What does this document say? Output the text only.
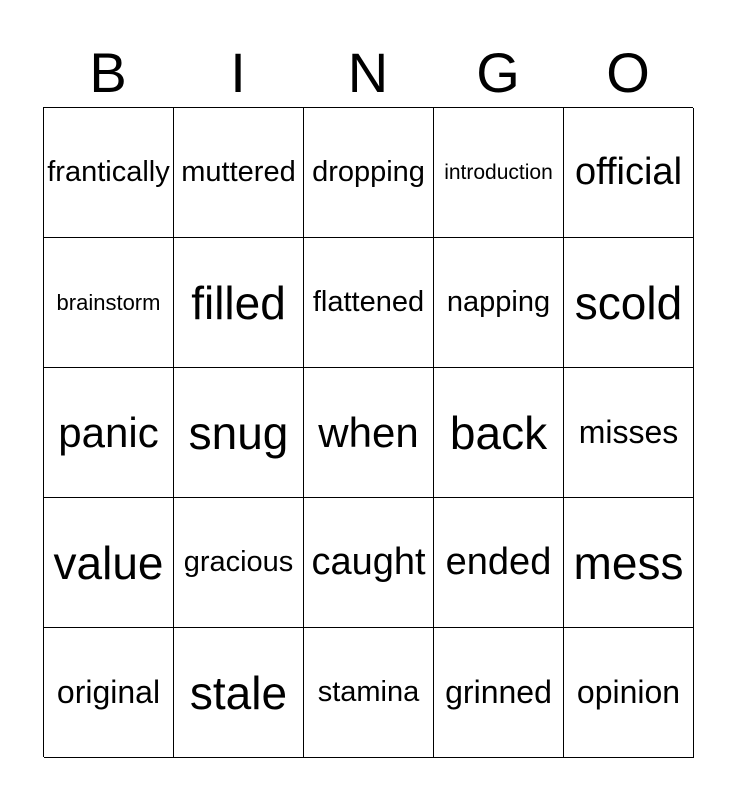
B	I	N	G	O
frantically muttered dropping introduction official
brainstorm filled flattened napping scold
panic snug when back misses
value gracious caught ended mess
original stale	stamina grinned opinion
